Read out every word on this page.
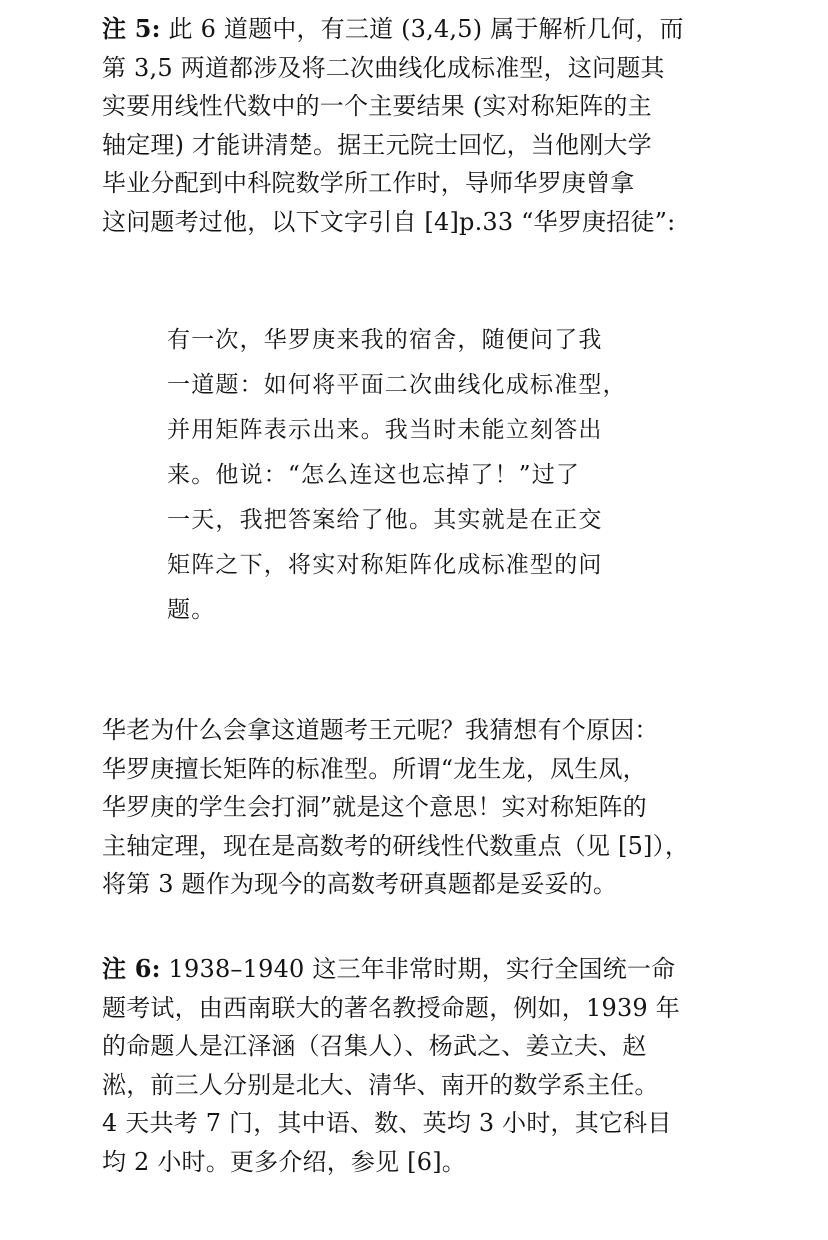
注 5: 此 6 道题中，有三道 (3,4,5) 属于解析几何，而
第 3,5 两道都涉及将二次曲线化成标准型，这问题其
实要用线性代数中的一个主要结果 (实对称矩阵的主
轴定理) 才能讲清楚。据王元院士回忆，当他刚大学
毕业分配到中科院数学所工作时，导师华罗庚曾拿
这问题考过他，以下文字引自 [4]p.33 “华罗庚招徒”:
有一次，华罗庚来我的宿舍，随便问了我
一道题：如何将平面二次曲线化成标准型，
并用矩阵表示出来。我当时未能立刻答出
来。他说：“怎么连这也忘掉了！”过了
一天，我把答案给了他。其实就是在正交
矩阵之下，将实对称矩阵化成标准型的问
题。
华老为什么会拿这道题考王元呢？我猜想有个原因：
华罗庚擅长矩阵的标准型。所谓“龙生龙，凤生凤，
华罗庚的学生会打洞”就是这个意思！实对称矩阵的
主轴定理，现在是高数考的研线性代数重点（见 [5]），
将第 3 题作为现今的高数考研真题都是妥妥的。
注 6: 1938–1940 这三年非常时期，实行全国统一命
题考试，由西南联大的著名教授命题，例如，1939 年
的命题人是江泽涵（召集人）、杨武之、姜立夫、赵
淞，前三人分别是北大、清华、南开的数学系主任。
4 天共考 7 门，其中语、数、英均 3 小时，其它科目
均 2 小时。更多介绍，参见 [6]。
